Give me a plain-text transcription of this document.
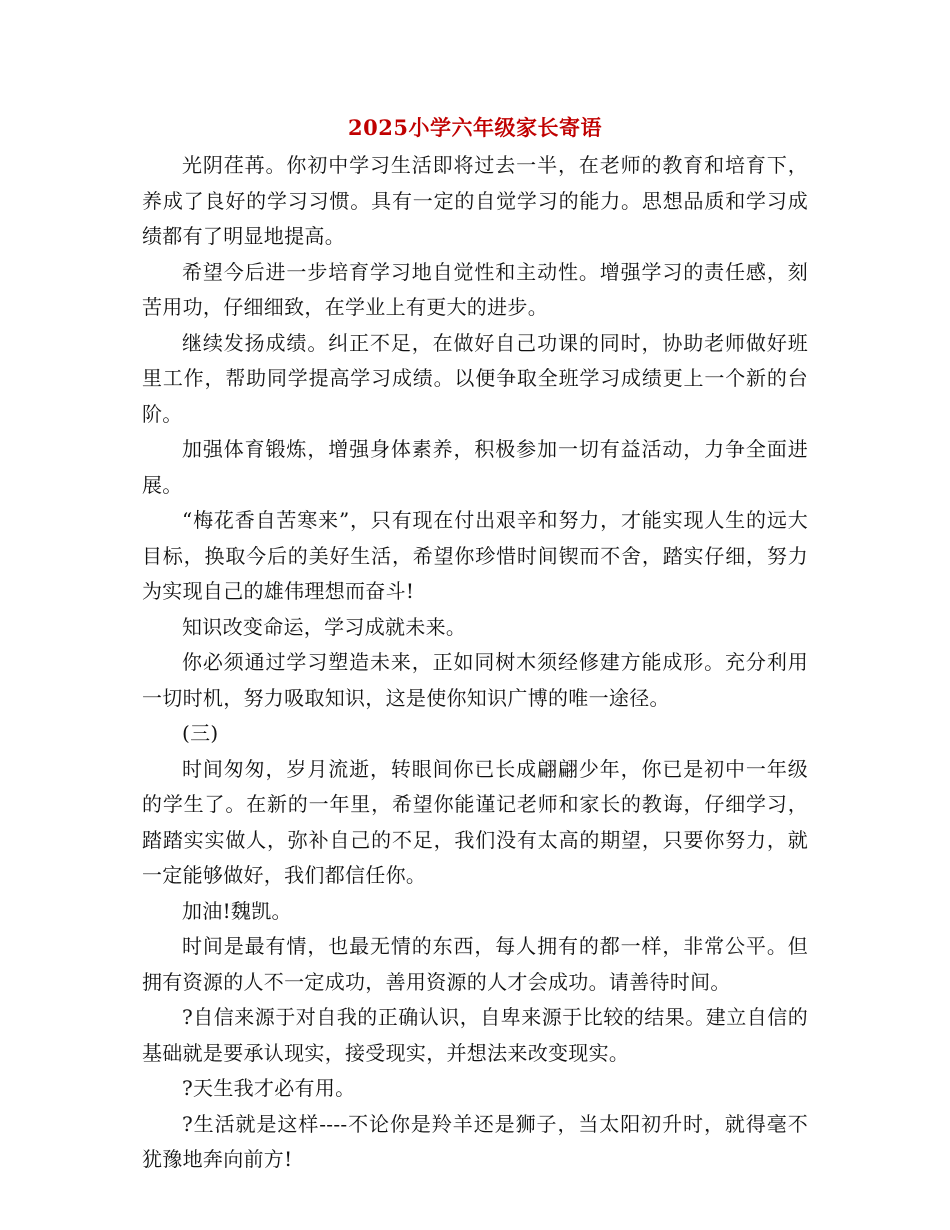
2025小学六年级家长寄语

光阴荏苒。你初中学习生活即将过去一半，在老师的教育和培育下，养成了良好的学习习惯。具有一定的自觉学习的能力。思想品质和学习成绩都有了明显地提高。

希望今后进一步培育学习地自觉性和主动性。增强学习的责任感，刻苦用功，仔细细致，在学业上有更大的进步。

继续发扬成绩。纠正不足，在做好自己功课的同时，协助老师做好班里工作，帮助同学提高学习成绩。以便争取全班学习成绩更上一个新的台阶。

加强体育锻炼，增强身体素养，积极参加一切有益活动，力争全面进展。

“梅花香自苦寒来”，只有现在付出艰辛和努力，才能实现人生的远大目标，换取今后的美好生活，希望你珍惜时间锲而不舍，踏实仔细，努力为实现自己的雄伟理想而奋斗!

知识改变命运，学习成就未来。

你必须通过学习塑造未来，正如同树木须经修建方能成形。充分利用一切时机，努力吸取知识，这是使你知识广博的唯一途径。

(三)

时间匆匆，岁月流逝，转眼间你已长成翩翩少年，你已是初中一年级的学生了。在新的一年里，希望你能谨记老师和家长的教诲，仔细学习，踏踏实实做人，弥补自己的不足，我们没有太高的期望，只要你努力，就一定能够做好，我们都信任你。

加油!魏凯。

时间是最有情，也最无情的东西，每人拥有的都一样，非常公平。但拥有资源的人不一定成功，善用资源的人才会成功。请善待时间。

?自信来源于对自我的正确认识，自卑来源于比较的结果。建立自信的基础就是要承认现实，接受现实，并想法来改变现实。

?天生我才必有用。

?生活就是这样----不论你是羚羊还是狮子，当太阳初升时，就得毫不犹豫地奔向前方!
